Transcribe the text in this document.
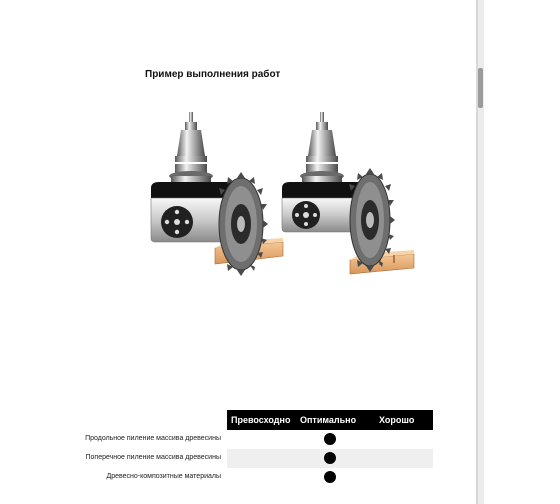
Пример выполнения работ
Превосходно Оптимально	Хорошо
Продольное пиление массива древесины
Поперечное пиление массива древесины
Древесно-композитные материалы
